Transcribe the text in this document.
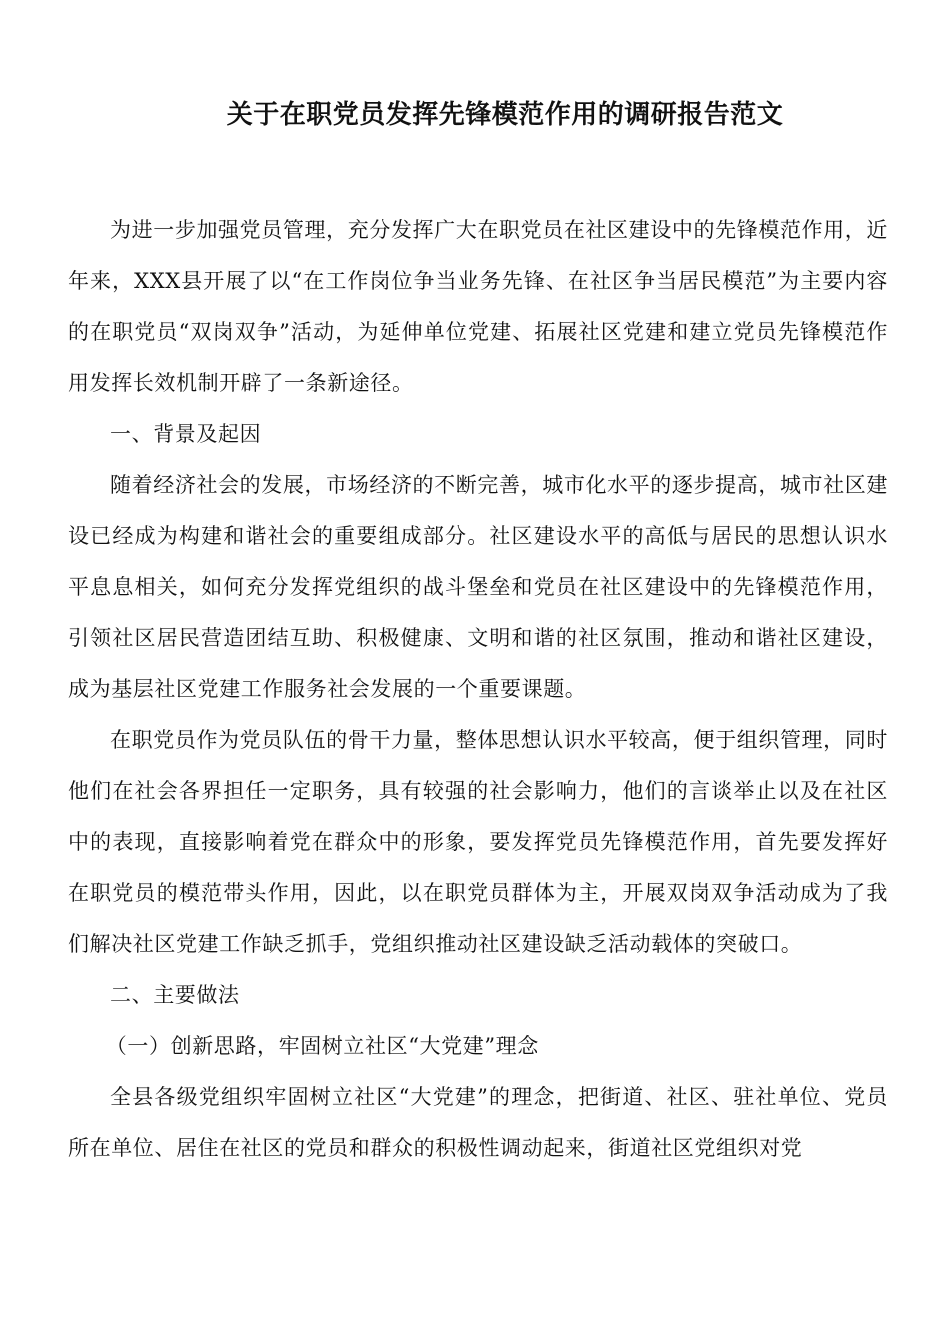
关于在职党员发挥先锋模范作用的调研报告范文

为进一步加强党员管理，充分发挥广大在职党员在社区建设中的先锋模范作用，近年来，XXX县开展了以“在工作岗位争当业务先锋、在社区争当居民模范”为主要内容的在职党员“双岗双争”活动，为延伸单位党建、拓展社区党建和建立党员先锋模范作用发挥长效机制开辟了一条新途径。

一、背景及起因

随着经济社会的发展，市场经济的不断完善，城市化水平的逐步提高，城市社区建设已经成为构建和谐社会的重要组成部分。社区建设水平的高低与居民的思想认识水平息息相关，如何充分发挥党组织的战斗堡垒和党员在社区建设中的先锋模范作用，引领社区居民营造团结互助、积极健康、文明和谐的社区氛围，推动和谐社区建设，成为基层社区党建工作服务社会发展的一个重要课题。

在职党员作为党员队伍的骨干力量，整体思想认识水平较高，便于组织管理，同时他们在社会各界担任一定职务，具有较强的社会影响力，他们的言谈举止以及在社区中的表现，直接影响着党在群众中的形象，要发挥党员先锋模范作用，首先要发挥好在职党员的模范带头作用，因此，以在职党员群体为主，开展双岗双争活动成为了我们解决社区党建工作缺乏抓手，党组织推动社区建设缺乏活动载体的突破口。

二、主要做法

（一）创新思路，牢固树立社区“大党建”理念

全县各级党组织牢固树立社区“大党建”的理念，把街道、社区、驻社单位、党员所在单位、居住在社区的党员和群众的积极性调动起来，街道社区党组织对党
